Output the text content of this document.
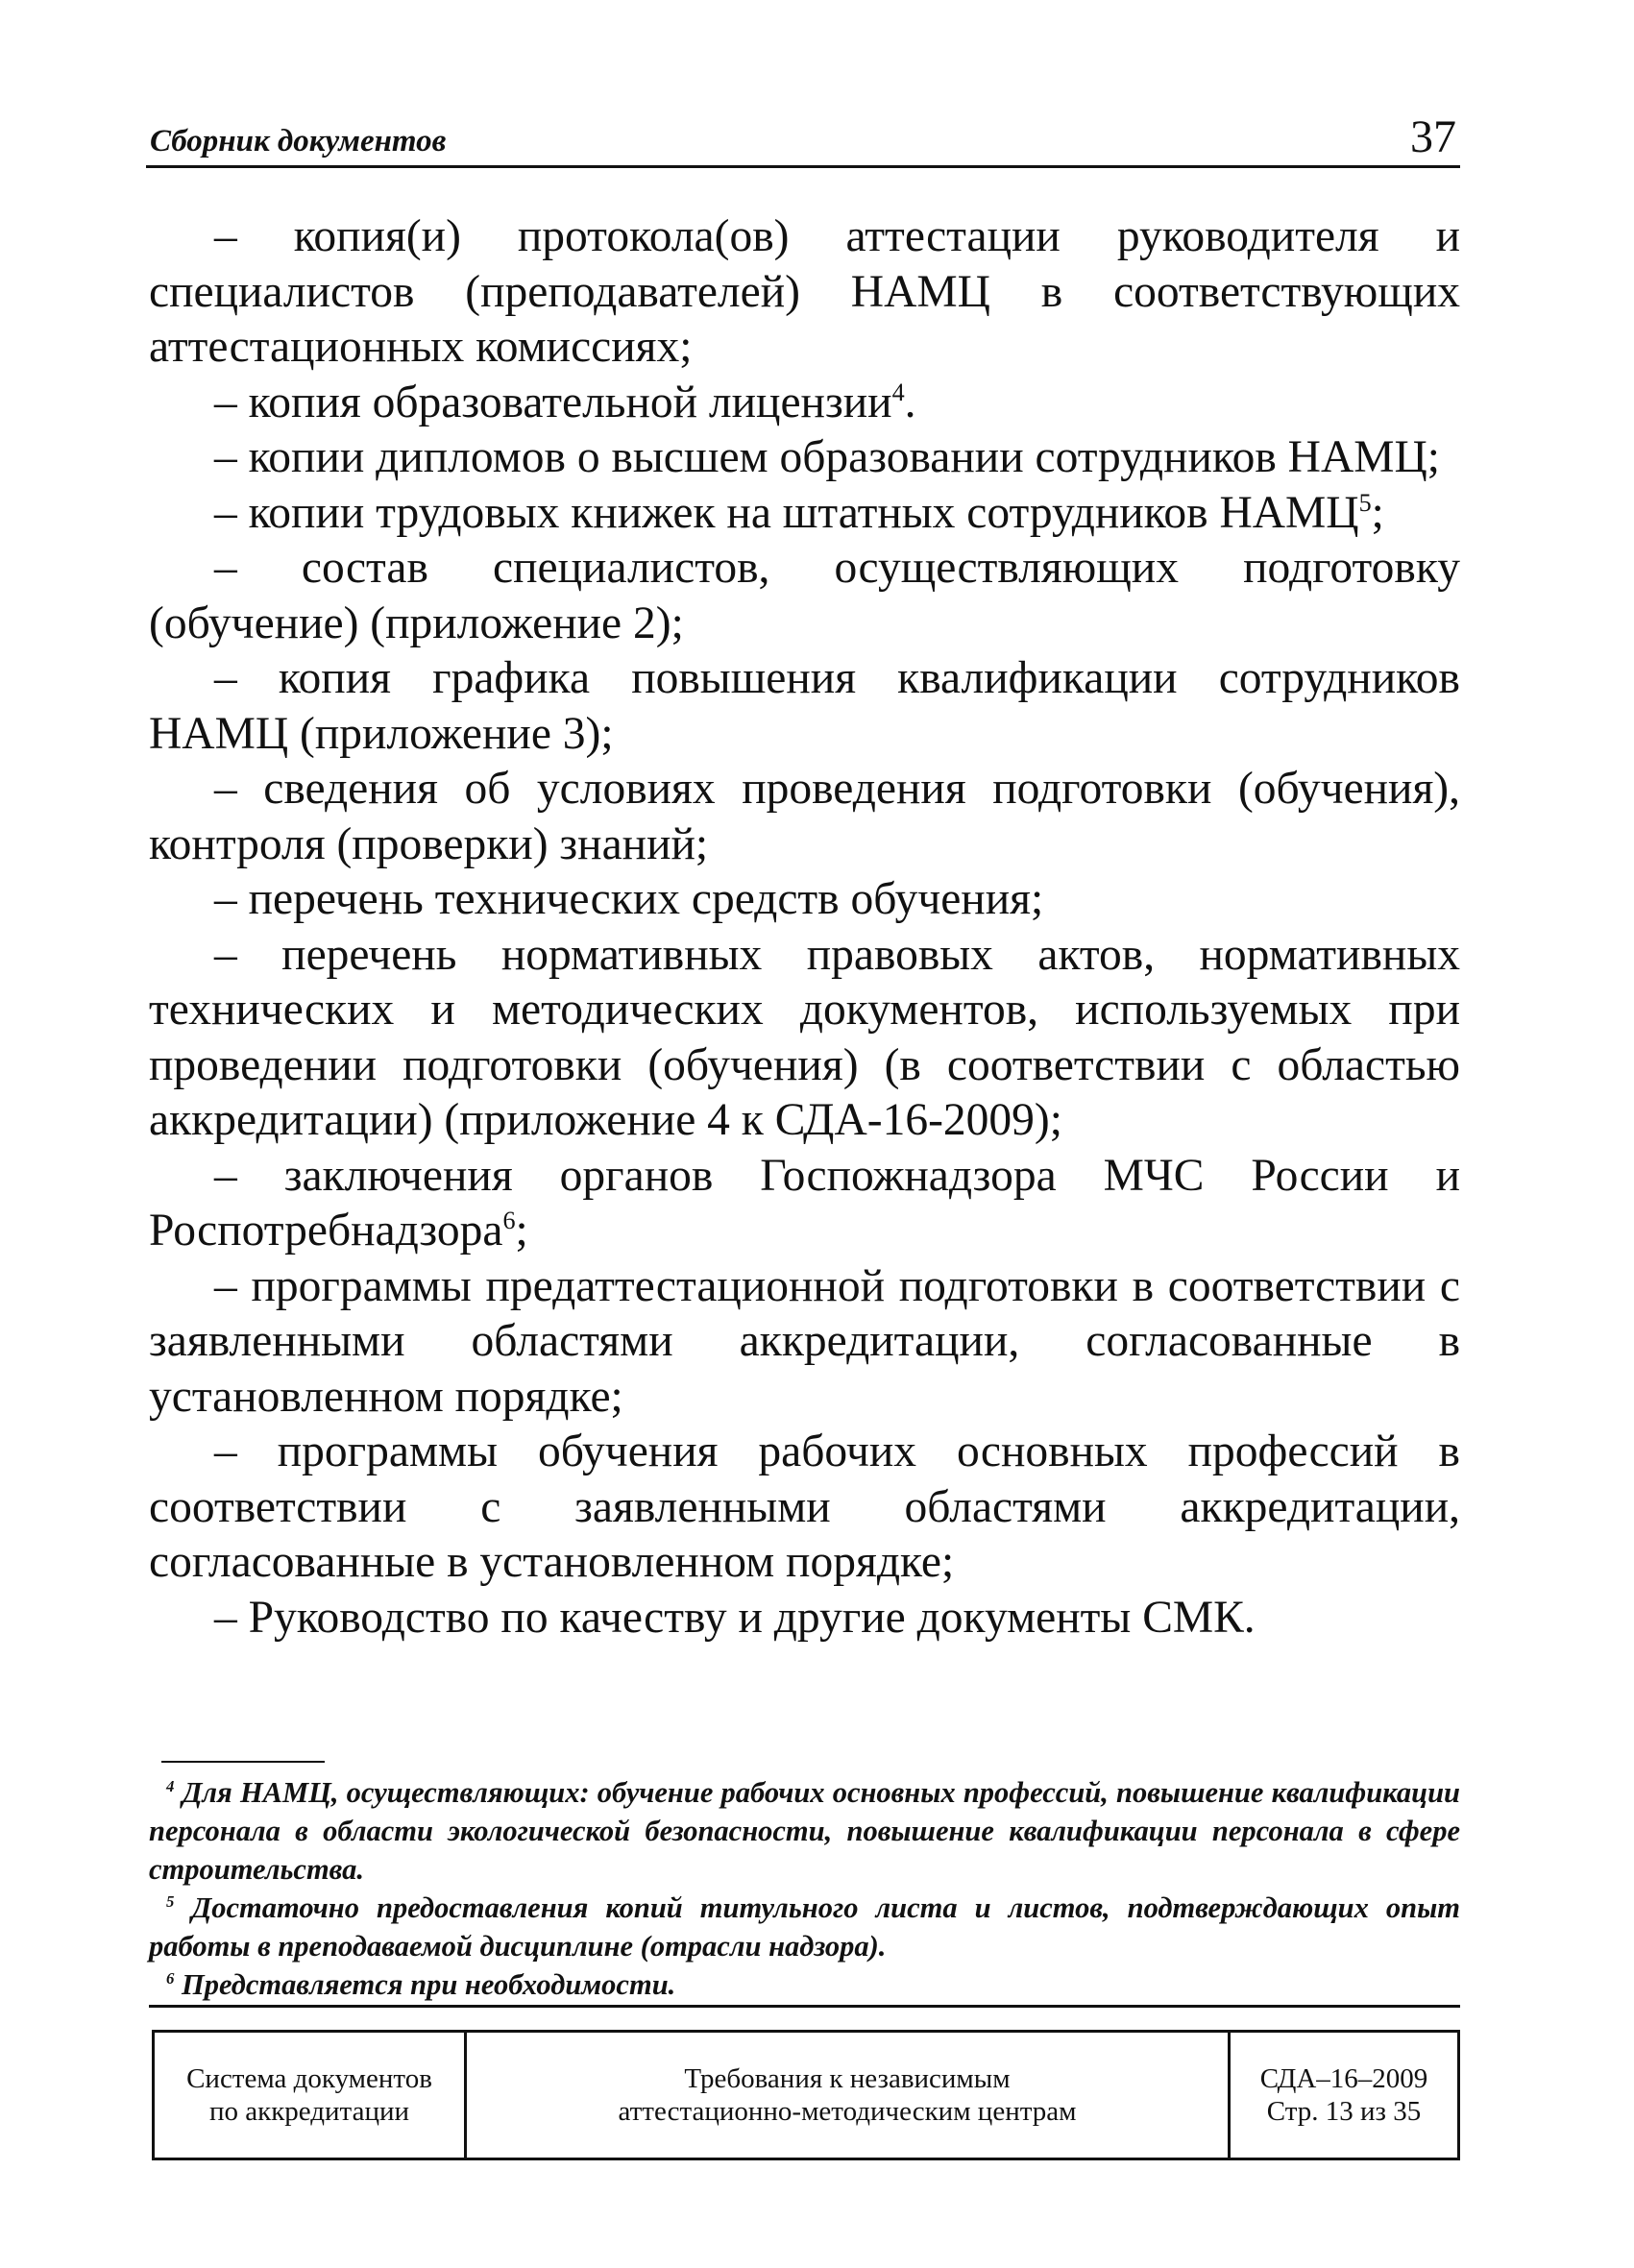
Сборник документов	37

– копия(и) протокола(ов) аттестации руководителя и специалистов (преподавателей) НАМЦ в соответствующих аттестационных комиссиях;

– копия образовательной лицензии$^4$.

– копии дипломов о высшем образовании сотрудников НАМЦ;

– копии трудовых книжек на штатных сотрудников НАМЦ$^5$;

– состав специалистов, осуществляющих подготовку (обучение) (приложение 2);

– копия графика повышения квалификации сотрудников НАМЦ (приложение 3);

– сведения об условиях проведения подготовки (обучения), контроля (проверки) знаний;

– перечень технических средств обучения;

– перечень нормативных правовых актов, нормативных технических и методических документов, используемых при проведении подготовки (обучения) (в соответствии с областью аккредитации) (приложение 4 к СДА-16-2009);

– заключения органов Госпожнадзора МЧС России и Роспотребнадзора$^6$;

– программы предаттестационной подготовки в соответствии с заявленными областями аккредитации, согласованные в установленном порядке;

– программы обучения рабочих основных профессий в соответствии с заявленными областями аккредитации, согласованные в установленном порядке;

– Руководство по качеству и другие документы СМК.

$^4$ Для НАМЦ, осуществляющих: обучение рабочих основных профессий, повышение квалификации персонала в области экологической безопасности, повышение квалификации персонала в сфере строительства.

$^5$ Достаточно предоставления копий титульного листа и листов, подтверждающих опыт работы в преподаваемой дисциплине (отрасли надзора).

$^6$ Представляется при необходимости.

Система документов
по аккредитации
Требования к независимым
аттестационно-методическим центрам
СДА–16–2009
Стр. 13 из 35
